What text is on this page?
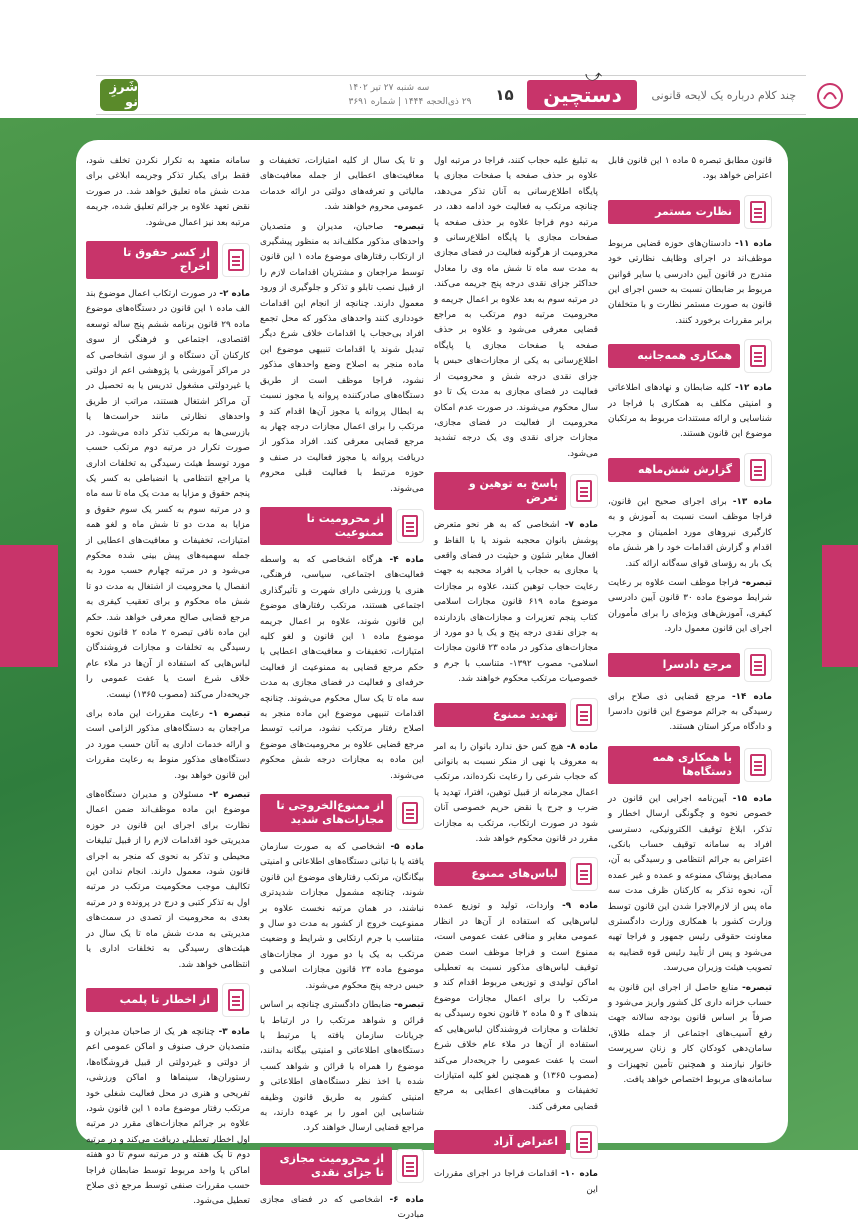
چند کلام درباره یک لایحه قانونی
دستچین
۱۵
سه شنبه ۲۷ تیر ۱۴۰۲
۲۹ ذی‌الحجه ۱۴۴۴ | شماره ۳۶۹۱
شَرزِ نو
⤻

سامانه متعهد به تکرار نکردن تخلف شود، فقط برای یکبار تذکر وجریمه ابلاغی برای مدت شش ماه تعلیق خواهد شد. در صورت نقض تعهد علاوه بر جرائم تعلیق شده، جریمه مرتبه بعد نیز اعمال می‌شود.

از کسر حقوق تا اخراج

ماده ۲- در صورت ارتکاب اعمال موضوع بند الف ماده ۱ این قانون در دستگاه‌های موضوع ماده ۲۹ قانون برنامه ششم پنج ساله توسعه اقتصادی، اجتماعی و فرهنگی از سوی کارکنان آن دستگاه و از سوی اشخاصی که در مراکز آموزشی یا پژوهشی اعم از دولتی یا غیردولتی مشغول تدریس یا به تحصیل در آن مراکز اشتغال هستند، مراتب از طریق واحدهای نظارتی مانند حراست‌ها یا بازرسی‌ها به مرتکب تذکر داده می‌شود. در صورت تکرار در مرتبه دوم مرتکب حسب مورد توسط هیئت رسیدگی به تخلفات اداری یا مراجع انتظامی یا انضباطی به کسر یک پنجم حقوق و مزایا به مدت یک ماه تا سه ماه و در مرتبه سوم به کسر یک سوم حقوق و مزایا به مدت دو تا شش ماه و لغو همه امتیازات، تخفیفات و معافیت‌های اعطایی از جمله سهمیه‌های پیش بینی شده محکوم می‌شود و در مرتبه چهارم حسب مورد به انفصال یا محرومیت از اشتغال به مدت دو تا شش ماه محکوم و برای تعقیب کیفری به مرجع قضایی صالح معرفی خواهد شد. حکم این ماده نافی تبصره ۲ ماده ۲ قانون نحوه رسیدگی به تخلفات و مجازات فروشندگان لباس‌هایی که استفاده از آن‌ها در ملاء عام خلاف شرع است یا عفت عمومی را جریحه‌دار می‌کند (مصوب ۱۳۶۵) نیست.

تبصره ۱- رعایت مقررات این ماده برای مراجعان به دستگاه‌های مذکور الزامی است و ارائه خدمات اداری به آنان حسب مورد در دستگاه‌های مذکور منوط به رعایت مقررات این قانون خواهد بود.

تبصره ۲- مسئولان و مدیران دستگاه‌های موضوع این ماده موظف‌اند ضمن اعمال نظارت برای اجرای این قانون در حوزه مدیریتی خود اقدامات لازم را از قبیل تبلیغات محیطی و تذکر به نحوی که منجر به اجرای قانون شود، معمول دارند. انجام ندادن این تکالیف موجب محکومیت مرتکب در مرتبه اول به تذکر کتبی و درج در پرونده و در مرتبه بعدی به محرومیت از تصدی در سمت‌های مدیریتی به مدت شش ماه تا یک سال در هیئت‌های رسیدگی به تخلفات اداری یا انتظامی خواهد شد.

از اخطار تا پلمب

ماده ۳- چنانچه هر یک از صاحبان مدیران و متصدیان حرف صنوف و اماکن عمومی اعم از دولتی و غیردولتی از قبیل فروشگاه‌ها، رستوران‌ها، سینماها و اماکن ورزشی، تفریحی و هنری در محل فعالیت شغلی خود مرتکب رفتار موضوع ماده ۱ این قانون شود، علاوه بر جرائم مجازات‌های مقرر در مرتبه اول اخطار تعطیلی دریافت می‌کند و در مرتبه دوم تا یک هفته و در مرتبه سوم تا دو هفته اماکن یا واحد مربوط توسط ضابطان فراجا حسب مقررات صنفی توسط مرجع ذی صلاح تعطیل می‌شود.

و تا یک سال از کلیه امتیازات، تخفیفات و معافیت‌های اعطایی از جمله معافیت‌های مالیاتی و تعرفه‌های دولتی در ارائه خدمات عمومی محروم خواهند شد.

تبصره- صاحبان، مدیران و متصدیان واحدهای مذکور مکلف‌اند به منظور پیشگیری از ارتکاب رفتارهای موضوع ماده ۱ این قانون توسط مراجعان و مشتریان اقدامات لازم را از قبیل نصب تابلو و تذکر و جلوگیری از ورود معمول دارند. چنانچه از انجام این اقدامات خودداری کنند واحدهای مذکور که محل تجمع افراد بی‌حجاب یا اقدامات خلاف شرع دیگر تبدیل شوند یا اقدامات تنبیهی موضوع این ماده منجر به اصلاح وضع واحدهای مذکور نشود، فراجا موظف است از طریق دستگاه‌های صادرکننده پروانه یا مجوز نسبت به ابطال پروانه یا مجوز آن‌ها اقدام کند و مرتکب را برای اعمال مجازات درجه چهار به مرجع قضایی معرفی کند. افراد مذکور از دریافت پروانه یا مجوز فعالیت در صنف و حوزه مرتبط با فعالیت قبلی محروم می‌شوند.

از محرومیت تا ممنوعیت

ماده ۴- هرگاه اشخاصی که به واسطه فعالیت‌های اجتماعی، سیاسی، فرهنگی، هنری یا ورزشی دارای شهرت و تأثیرگذاری اجتماعی هستند، مرتکب رفتارهای موضوع این قانون شوند، علاوه بر اعمال جریمه موضوع ماده ۱ این قانون و لغو کلیه امتیازات، تخفیفات و معافیت‌های اعطایی با حکم مرجع قضایی به ممنوعیت از فعالیت حرفه‌ای و فعالیت در فضای مجازی به مدت سه ماه تا یک سال محکوم می‌شوند. چنانچه اقدامات تنبیهی موضوع این ماده منجر به اصلاح رفتار مرتکب نشود، مراتب توسط مرجع قضایی علاوه بر محرومیت‌های موضوع این ماده به مجازات درجه شش محکوم می‌شوند.

از ممنوع‌الخروجی تا مجازات‌های شدید

ماده ۵- اشخاصی که به صورت سازمان یافته یا با تبانی دستگاه‌های اطلاعاتی و امنیتی بیگانگان، مرتکب رفتارهای موضوع این قانون شوند، چنانچه مشمول مجازات شدیدتری نباشند، در همان مرتبه نخست علاوه بر ممنوعیت خروج از کشور به مدت دو سال و متناسب با جرم ارتکابی و شرایط و وضعیت مرتکب به یک یا دو مورد از مجازات‌های موضوع ماده ۲۳ قانون مجازات اسلامی و حبس درجه پنج محکوم می‌شوند.

تبصره- ضابطان دادگستری چنانچه بر اساس قرائن و شواهد مرتکب را در ارتباط با جریانات سازمان یافته یا مرتبط با دستگاه‌های اطلاعاتی و امنیتی بیگانه بدانند، موضوع را همراه با قرائن و شواهد کسب شده با اخذ نظر دستگاه‌های اطلاعاتی و امنیتی کشور به طریق قانون وظیفه شناسایی این امور را بر عهده دارند، به مراجع قضایی ارسال خواهند کرد.

از محرومیت مجازی تا جزای نقدی

ماده ۶- اشخاصی که در فضای مجازی مبادرت

به تبلیغ علیه حجاب کنند، فراجا در مرتبه اول علاوه بر حذف صفحه یا صفحات مجازی یا پایگاه اطلاع‌رسانی به آنان تذکر می‌دهد، چنانچه مرتکب به فعالیت خود ادامه دهد، در مرتبه دوم فراجا علاوه بر حذف صفحه یا صفحات مجازی یا پایگاه اطلاع‌رسانی و محرومیت از هرگونه فعالیت در فضای مجازی به مدت سه ماه تا شش ماه وی را معادل حداکثر جزای نقدی درجه پنج جریمه می‌کند. در مرتبه سوم به بعد علاوه بر اعمال جریمه و محرومیت مرتبه دوم مرتکب به مراجع قضایی معرفی می‌شود و علاوه بر حذف صفحه یا صفحات مجازی یا پایگاه اطلاع‌رسانی به یکی از مجازات‌های حبس یا جزای نقدی درجه شش و محرومیت از فعالیت در فضای مجازی به مدت یک تا دو سال محکوم می‌شوند. در صورت عدم امکان محرومیت از فعالیت در فضای مجازی، مجازات جزای نقدی وی یک درجه تشدید می‌شود.

پاسخ به توهین و تعرض

ماده ۷- اشخاصی که به هر نحو متعرض پوشش بانوان محجبه شوند یا با الفاظ و افعال مغایر شئون و حیثیت در فضای واقعی یا مجازی به حجاب یا افراد محجبه به جهت رعایت حجاب توهین کنند، علاوه بر مجازات موضوع ماده ۶۱۹ قانون مجازات اسلامی کتاب پنجم تعزیرات و مجازات‌های بازدارنده به جزای نقدی درجه پنج و یک یا دو مورد از مجازات‌های مذکور در ماده ۲۳ قانون مجازات اسلامی- مصوب ۱۳۹۲- متناسب با جرم و خصوصیات مرتکب محکوم خواهند شد.

تهدید ممنوع

ماده ۸- هیچ کس حق ندارد بانوان را به امر به معروف یا نهی از منکر نسبت به بانوانی که حجاب شرعی را رعایت نکرده‌اند، مرتکب اعمال مجرمانه از قبیل توهین، افترا، تهدید یا ضرب و جرح یا نقض حریم خصوصی آنان شود در صورت ارتکاب، مرتکب به مجازات مقرر در قانون محکوم خواهد شد.

لباس‌های ممنوع

ماده ۹- واردات، تولید و توزیع عمده لباس‌هایی که استفاده از آن‌ها در انظار عمومی مغایر و منافی عفت عمومی است، ممنوع است و فراجا موظف است ضمن توقیف لباس‌های مذکور نسبت به تعطیلی اماکن تولیدی و توزیعی مربوط اقدام کند و مرتکب را برای اعمال مجازات موضوع بندهای ۴ و ۵ ماده ۲ قانون نحوه رسیدگی به تخلفات و مجازات فروشندگان لباس‌هایی که استفاده از آن‌ها در ملاء عام خلاف شرع است یا عفت عمومی را جریحه‌دار می‌کند (مصوب ۱۳۶۵) و همچنین لغو کلیه امتیازات تخفیفات و معافیت‌های اعطایی به مرجع قضایی معرفی کند.

اعتراض آزاد

ماده ۱۰- اقدامات فراجا در اجرای مقررات این

قانون مطابق تبصره ۵ ماده ۱ این قانون قابل اعتراض خواهد بود.

نظارت مستمر

ماده ۱۱- دادستان‌های حوزه قضایی مربوط موظف‌اند در اجرای وظایف نظارتی خود مندرج در قانون آیین دادرسی یا سایر قوانین مربوط بر ضابطان نسبت به حسن اجرای این قانون به صورت مستمر نظارت و با متخلفان برابر مقررات برخورد کنند.

همکاری همه‌جانبه

ماده ۱۲- کلیه ضابطان و نهادهای اطلاعاتی و امنیتی مکلف به همکاری با فراجا در شناسایی و ارائه مستندات مربوط به مرتکبان موضوع این قانون هستند.

گزارش شش‌ماهه

ماده ۱۳- برای اجرای صحیح این قانون، فراجا موظف است نسبت به آموزش و به کارگیری نیروهای مورد اطمینان و مجرب اقدام و گزارش اقدامات خود را هر شش ماه یک بار به رؤسای قوای سه‌گانه ارائه کند.

تبصره- فراجا موظف است علاوه بر رعایت شرایط موضوع ماده ۳۰ قانون آیین دادرسی کیفری، آموزش‌های ویژه‌ای را برای مأموران اجرای این قانون معمول دارد.

مرجع دادسرا

ماده ۱۴- مرجع قضایی ذی صلاح برای رسیدگی به جرائم موضوع این قانون دادسرا و دادگاه مرکز استان هستند.

با همکاری همه دستگاه‌ها

ماده ۱۵- آیین‌نامه اجرایی این قانون در خصوص نحوه و چگونگی ارسال اخطار و تذکر، ابلاغ توقیف الکترونیکی، دسترسی افراد به سامانه توقیف حساب بانکی، اعتراض به جرائم انتظامی و رسیدگی به آن، مصادیق پوشاک ممنوعه و عمده و غیر عمده آن، نحوه تذکر به کارکنان ظرف مدت سه ماه پس از لازم‌الاجرا شدن این قانون توسط وزارت کشور با همکاری وزارت دادگستری معاونت حقوقی رئیس جمهور و فراجا تهیه می‌شود و پس از تأیید رئیس قوه قضاییه به تصویب هیئت وزیران می‌رسد.

تبصره- منابع حاصل از اجرای این قانون به حساب خزانه داری کل کشور واریز می‌شود و صرفاً بر اساس قانون بودجه سالانه جهت رفع آسیب‌های اجتماعی از جمله طلاق، سامان‌دهی کودکان کار و زنان سرپرست خانوار نیازمند و همچنین تأمین تجهیزات و سامانه‌های مربوط اختصاص خواهد یافت.
